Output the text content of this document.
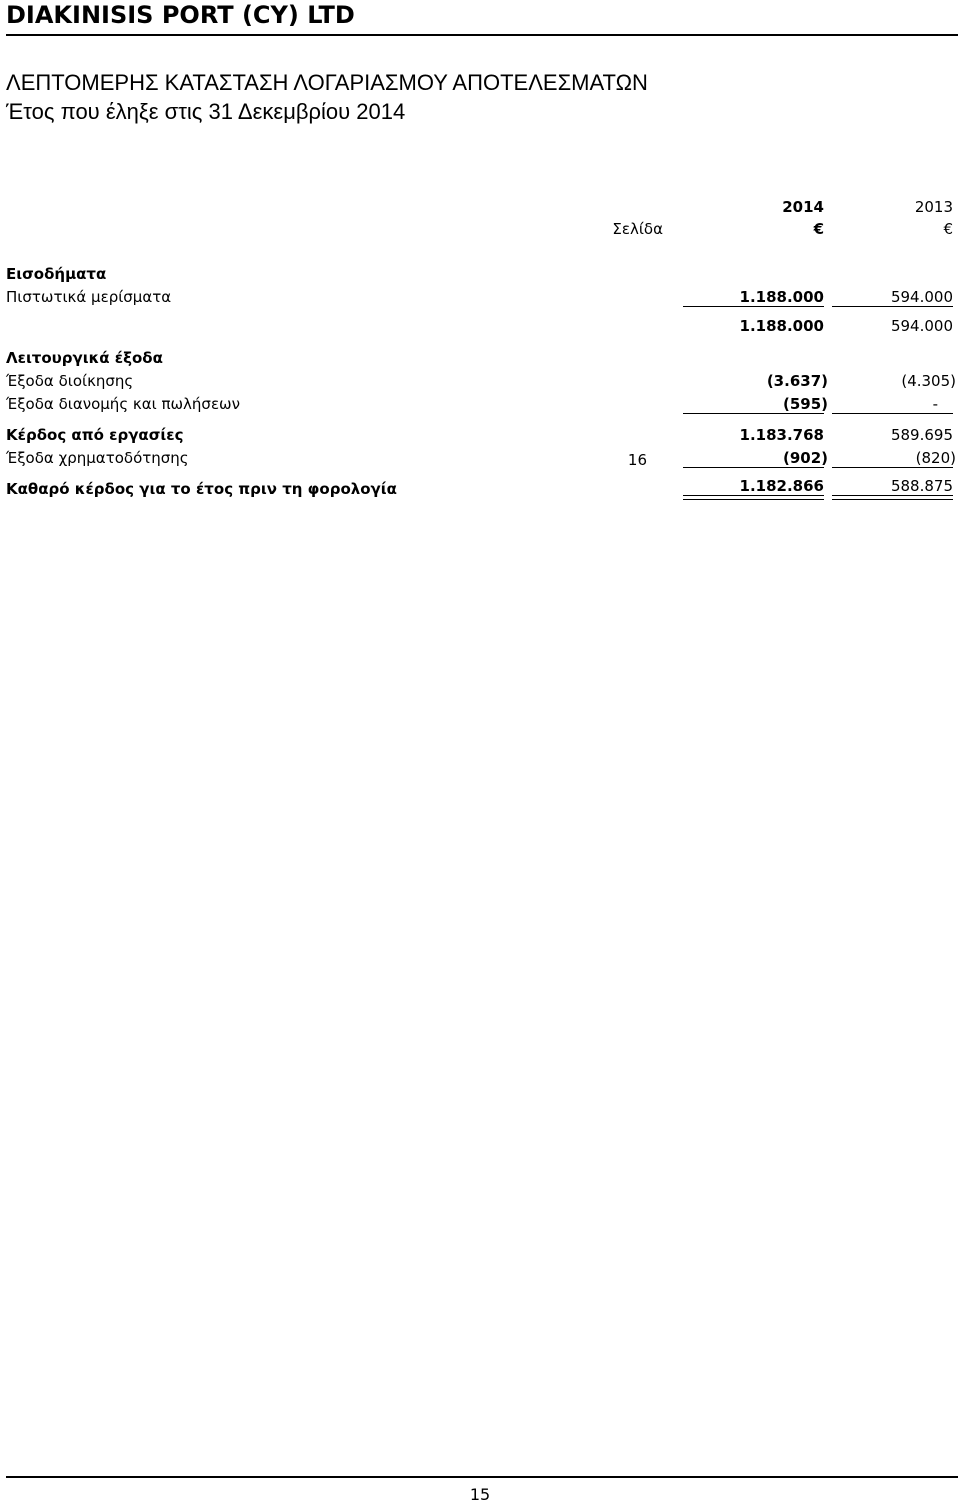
DIAKINISIS PORT (CY) LTD
ΛΕΠΤΟΜΕΡΗΣ ΚΑΤΑΣΤΑΣΗ ΛΟΓΑΡΙΑΣΜΟΥ ΑΠΟΤΕΛΕΣΜΑΤΩΝ
Έτος που έληξε στις 31 Δεκεμβρίου 2014
2014	2013
Σελίδα	€	€
Εισοδήματα
Πιστωτικά μερίσματα	1.188.000	594.000
1.188.000	594.000
Λειτουργικά έξοδα
Έξοδα διοίκησης	(3.637)	(4.305)
Έξοδα διανομής και πωλήσεων	(595)	-
Κέρδος από εργασίες	1.183.768	589.695
Έξοδα χρηματοδότησης	16	(902)	(820)
Καθαρό κέρδος για το έτος πριν τη φορολογία	1.182.866	588.875
15
